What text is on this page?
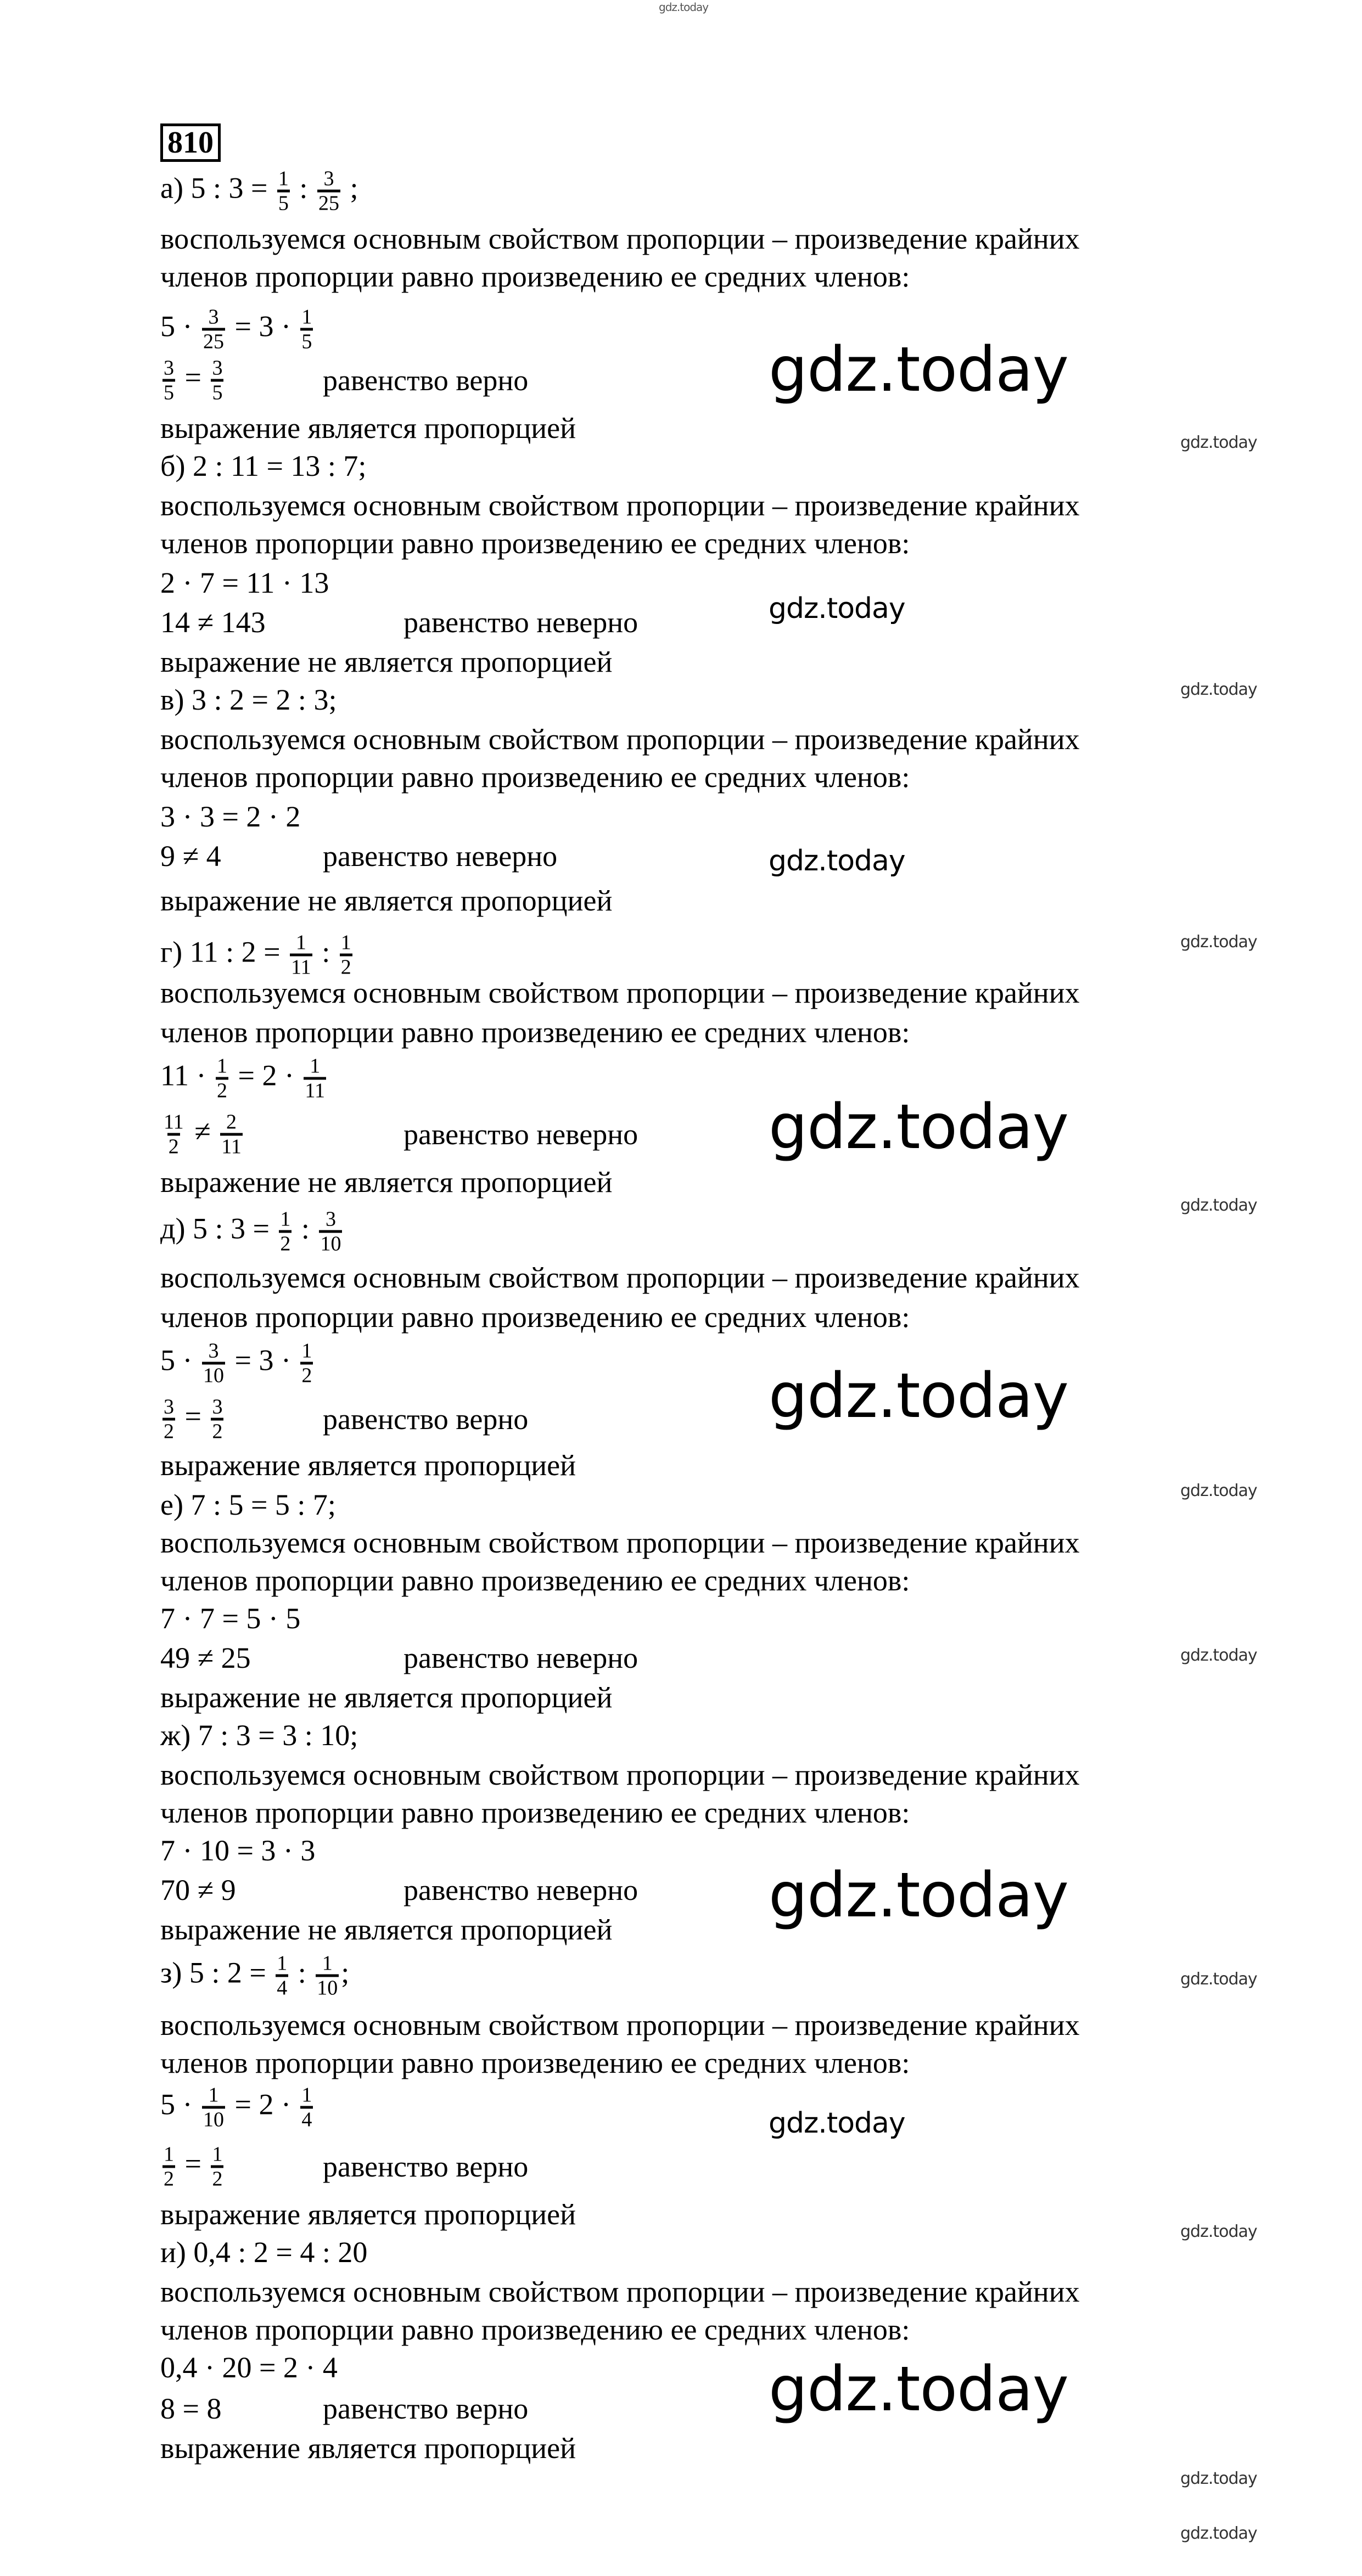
810
а) 5 : $3 = \frac{1}{5}$ : $\frac{3}{25}$ ;
воспользуемся основным свойством пропорции – произведение крайних
членов пропорции равно произведению ее средних членов:
$5 \cdot \frac{3}{25} = 3 \cdot \frac{1}{5}$
$\frac{3}{5} = \frac{3}{5}$	равенство верно
выражение является пропорцией
б) 2 : 11 = 13 : 7;
воспользуемся основным свойством пропорции – произведение крайних
членов пропорции равно произведению ее средних членов:
2 · 7 = 11 · 13
14 ≠ 143	равенство неверно
выражение не является пропорцией
в) 3 : 2 = 2 : 3;
воспользуемся основным свойством пропорции – произведение крайних
членов пропорции равно произведению ее средних членов:
3 · 3 = 2 · 2
9 ≠ 4	равенство неверно
выражение не является пропорцией
г) 11 : $2 = \frac{1}{11}$ : $\frac{1}{2}$
воспользуемся основным свойством пропорции – произведение крайних
членов пропорции равно произведению ее средних членов:
$11 \cdot \frac{1}{2} = 2 \cdot \frac{1}{11}$
$\frac{11}{2} \ne \frac{2}{11}$	равенство неверно
выражение не является пропорцией
д) 5 : $3 = \frac{1}{2}$ : $\frac{3}{10}$
воспользуемся основным свойством пропорции – произведение крайних
членов пропорции равно произведению ее средних членов:
$5 \cdot \frac{3}{10} = 3 \cdot \frac{1}{2}$
$\frac{3}{2} = \frac{3}{2}$	равенство верно
выражение является пропорцией
е) 7 : 5 = 5 : 7;
воспользуемся основным свойством пропорции – произведение крайних
членов пропорции равно произведению ее средних членов:
7 · 7 = 5 · 5
49 ≠ 25	равенство неверно
выражение не является пропорцией
ж) 7 : 3 = 3 : 10;
воспользуемся основным свойством пропорции – произведение крайних
членов пропорции равно произведению ее средних членов:
7 · 10 = 3 · 3
70 ≠ 9	равенство неверно
выражение не является пропорцией
з) 5 : $2 = \frac{1}{4}$ : $\frac{1}{10}$ ;
воспользуемся основным свойством пропорции – произведение крайних
членов пропорции равно произведению ее средних членов:
$5 \cdot \frac{1}{10} = 2 \cdot \frac{1}{4}$
$\frac{1}{2} = \frac{1}{2}$	равенство верно
выражение является пропорцией
и) 0,4 : 2 = 4 : 20
воспользуемся основным свойством пропорции – произведение крайних
членов пропорции равно произведению ее средних членов:
0,4 · 20 = 2 · 4
8 = 8	равенство верно
выражение является пропорцией
gdz.today
gdz.today
gdz.today
gdz.today
gdz.today
gdz.today
gdz.today
gdz.today
gdz.today
gdz.today
gdz.today
gdz.today
gdz.today
gdz.today
gdz.today
gdz.today
gdz.today
gdz.today
gdz.today
